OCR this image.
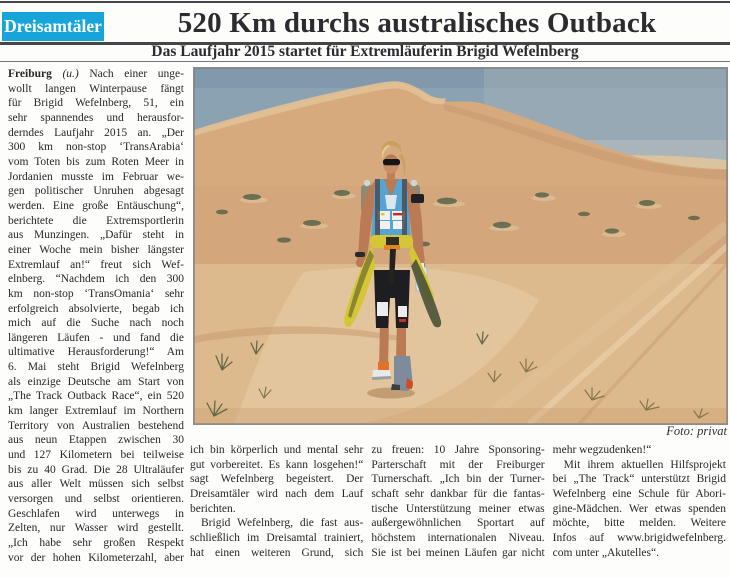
Dreisamtäler	520 Km durchs australisches Outback
Das Laufjahr 2015 startet für Extremläuferin Brigid Wefelnberg
Freiburg (u.) Nach einer unge-
wollt langen Winterpause fängt
für Brigid Wefelnberg, 51, ein
sehr spannendes und herausfor-
derndes Laufjahr 2015 an. „Der
300 km non-stop ‘TransArabia‘
vom Toten bis zum Roten Meer in
Jordanien musste im Februar we-
gen politischer Unruhen abgesagt
werden. Eine große Entäuschung“,
berichtete die Extremsportlerin
aus Munzingen. „Dafür steht in
einer Woche mein bisher längster
Extremlauf an!“ freut sich Wef-
elnberg. “Nachdem ich den 300
km non-stop ‘TransOmania‘ sehr
erfolgreich absolvierte, begab ich
mich auf die Suche nach noch
längeren Läufen - und fand die
ultimative Herausforderung!“ Am
6. Mai steht Brigid Wefelnberg
als einzige Deutsche am Start von
„The Track Outback Race“, ein 520
km langer Extremlauf im Northern
Territory von Australien bestehend
aus neun Etappen zwischen 30
und 127 Kilometern bei teilweise
bis zu 40 Grad. Die 28 Ultraläufer
aus aller Welt müssen sich selbst
versorgen und selbst orientieren.
Geschlafen wird unterwegs in
Zelten, nur Wasser wird gestellt.
„Ich habe sehr großen Respekt
vor der hohen Kilometerzahl, aber
Foto: privat
ich bin körperlich und mental sehr
gut vorbereitet. Es kann losgehen!“
sagt Wefelnberg begeistert. Der
Dreisamtäler wird nach dem Lauf
berichten.
Brigid Wefelnberg, die fast aus-
schließlich im Dreisamtal trainiert,
hat einen weiteren Grund, sich
zu freuen: 10 Jahre Sponsoring-
Parterschaft mit der Freiburger
Turnerschaft. „Ich bin der Turner-
schaft sehr dankbar für die fantas-
tische Unterstützung meiner etwas
außergewöhnlichen Sportart auf
höchstem internationalen Niveau.
Sie ist bei meinen Läufen gar nicht
mehr wegzudenken!“
Mit ihrem aktuellen Hilfsprojekt
bei „The Track“ unterstützt Brigid
Wefelnberg eine Schule für Abori-
gine-Mädchen. Wer etwas spenden
möchte, bitte melden. Weitere
Infos auf www.brigidwefelnberg.
com unter „Akutelles“.
